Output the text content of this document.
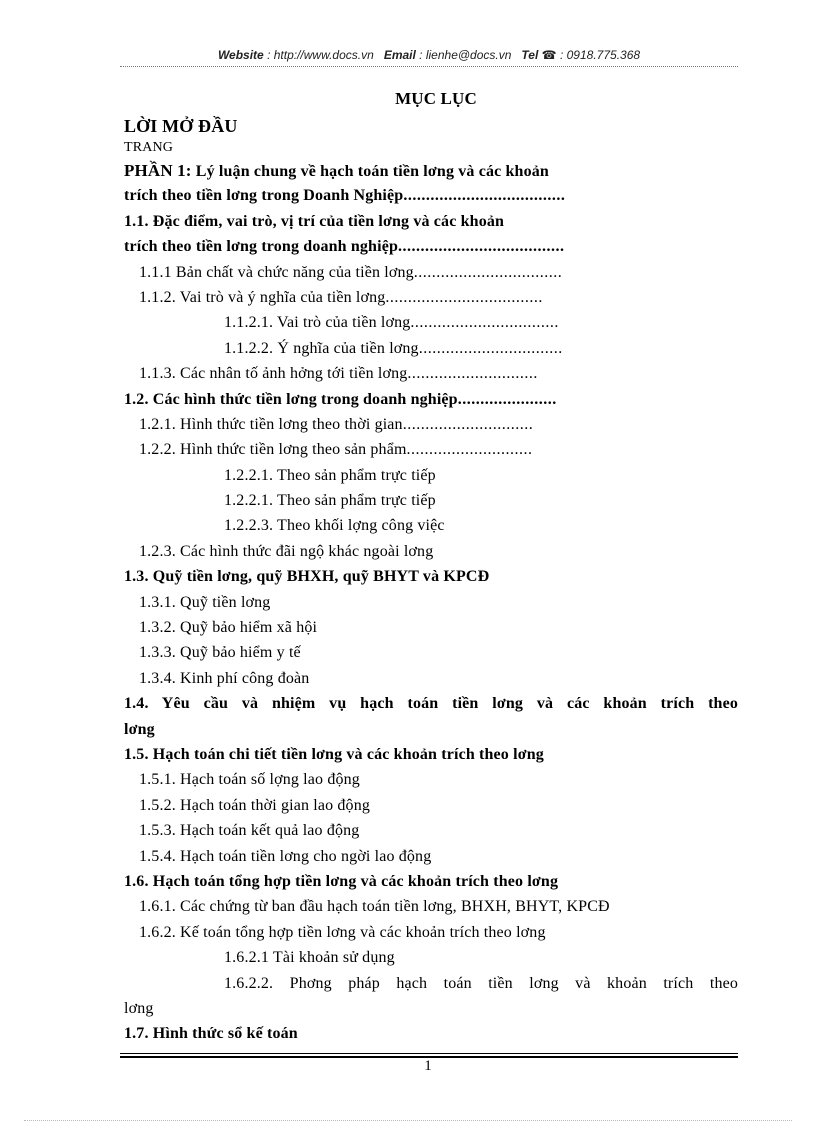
Website : http://www.docs.vn Email : lienhe@docs.vn Tel ☎ : 0918.775.368
MỤC LỤC
LỜI MỞ ĐẦU
TRANG
PHẦN 1: Lý luận chung về hạch toán tiền lơng và các khoản
trích theo tiền lơng trong Doanh Nghiệp....................................
1.1. Đặc điểm, vai trò, vị trí của tiền lơng và các khoản
trích theo tiền lơng trong doanh nghiệp.....................................
1.1.1 Bản chất và chức năng của tiền lơng.................................
1.1.2. Vai trò và ý nghĩa của tiền lơng...................................
1.1.2.1. Vai trò của tiền lơng.................................
1.1.2.2. Ý nghĩa của tiền lơng................................
1.1.3. Các nhân tố ảnh hởng tới tiền lơng.............................
1.2. Các hình thức tiền lơng trong doanh nghiệp......................
1.2.1. Hình thức tiền lơng theo thời gian.............................
1.2.2. Hình thức tiền lơng theo sản phẩm............................
1.2.2.1. Theo sản phẩm trực tiếp
1.2.2.1. Theo sản phẩm trực tiếp
1.2.2.3. Theo khối lợng công việc
1.2.3. Các hình thức đãi ngộ khác ngoài lơng
1.3. Quỹ tiền lơng, quỹ BHXH, quỹ BHYT và KPCĐ
1.3.1. Quỹ tiền lơng
1.3.2. Quỹ bảo hiểm xã hội
1.3.3. Quỹ bảo hiểm y tế
1.3.4. Kinh phí công đoàn
1.4. Yêu cầu và nhiệm vụ hạch toán tiền lơng và các khoản trích theo
lơng
1.5. Hạch toán chi tiết tiền lơng và các khoản trích theo lơng
1.5.1. Hạch toán số lợng lao động
1.5.2. Hạch toán thời gian lao động
1.5.3. Hạch toán kết quả lao động
1.5.4. Hạch toán tiền lơng cho ngời lao động
1.6. Hạch toán tổng hợp tiền lơng và các khoản trích theo lơng
1.6.1. Các chứng từ ban đầu hạch toán tiền lơng, BHXH, BHYT, KPCĐ
1.6.2. Kế toán tổng hợp tiền lơng và các khoản trích theo lơng
1.6.2.1 Tài khoản sử dụng
1.6.2.2. Phơng pháp hạch toán tiền lơng và khoản trích theo
lơng
1.7. Hình thức sổ kế toán
1
